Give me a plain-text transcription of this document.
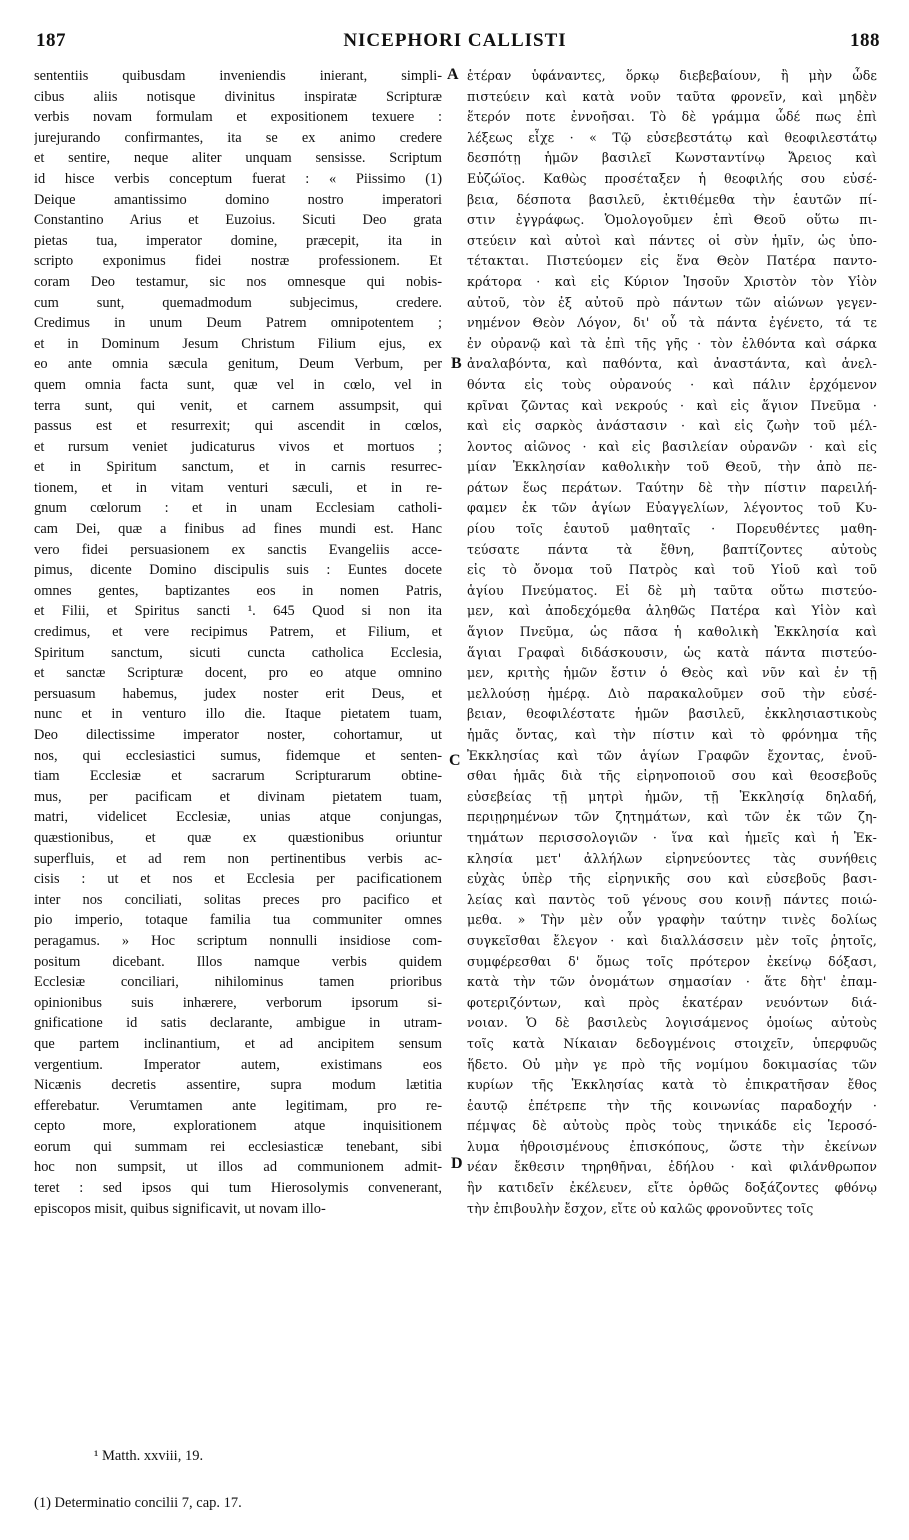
187	NICEPHORI CALLISTI	188
sententiis quibusdam inveniendis inierant, simpli-
cibus aliis notisque divinitus inspiratæ Scripturæ
verbis novam formulam et expositionem texuere :
jurejurando confirmantes, ita se ex animo credere
et sentire, neque aliter unquam sensisse. Scriptum
id hisce verbis conceptum fuerat : « Piissimo (1)
Deique amantissimo domino nostro imperatori
Constantino Arius et Euzoius. Sicuti Deo grata
pietas tua, imperator domine, præcepit, ita in
scripto exponimus fidei nostræ professionem. Et
coram Deo testamur, sic nos omnesque qui nobis-
cum sunt, quemadmodum subjecimus, credere.
Credimus in unum Deum Patrem omnipotentem ;
et in Dominum Jesum Christum Filium ejus, ex
eo ante omnia sæcula genitum, Deum Verbum, per
quem omnia facta sunt, quæ vel in cœlo, vel in
terra sunt, qui venit, et carnem assumpsit, qui
passus est et resurrexit; qui ascendit in cœlos,
et rursum veniet judicaturus vivos et mortuos ;
et in Spiritum sanctum, et in carnis resurrec-
tionem, et in vitam venturi sæculi, et in re-
gnum cœlorum : et in unam Ecclesiam catholi-
cam Dei, quæ a finibus ad fines mundi est. Hanc
vero fidei persuasionem ex sanctis Evangeliis acce-
pimus, dicente Domino discipulis suis : Euntes docete
omnes gentes, baptizantes eos in nomen Patris,
et Filii, et Spiritus sancti ¹. 645 Quod si non ita
credimus, et vere recipimus Patrem, et Filium, et
Spiritum sanctum, sicuti cuncta catholica Ecclesia,
et sanctæ Scripturæ docent, pro eo atque omnino
persuasum habemus, judex noster erit Deus, et
nunc et in venturo illo die. Itaque pietatem tuam,
Deo dilectissime imperator noster, cohortamur, ut
nos, qui ecclesiastici sumus, fidemque et senten-
tiam Ecclesiæ et sacrarum Scripturarum obtine-
mus, per pacificam et divinam pietatem tuam,
matri, videlicet Ecclesiæ, unias atque conjungas,
quæstionibus, et quæ ex quæstionibus oriuntur
superfluis, et ad rem non pertinentibus verbis ac-
cisis : ut et nos et Ecclesia per pacificationem
inter nos conciliati, solitas preces pro pacifico et
pio imperio, totaque familia tua communiter omnes
peragamus. » Hoc scriptum nonnulli insidiose com-
positum dicebant. Illos namque verbis quidem
Ecclesiæ conciliari, nihilominus tamen prioribus
opinionibus suis inhærere, verborum ipsorum si-
gnificatione id satis declarante, ambigue in utram-
que partem inclinantium, et ad ancipitem sensum
vergentium. Imperator autem, existimans eos
Nicænis decretis assentire, supra modum lætitia
efferebatur. Verumtamen ante legitimam, pro re-
cepto more, explorationem atque inquisitionem
eorum qui summam rei ecclesiasticæ tenebant, sibi
hoc non sumpsit, ut illos ad communionem admit-
teret : sed ipsos qui tum Hierosolymis convenerant,
episcopos misit, quibus significavit, ut novam illo-
ἑτέραν ὑφάναντες, ὅρκῳ διεβεβαίουν, ἢ μὴν ὧδε
πιστεύειν καὶ κατὰ νοῦν ταῦτα φρονεῖν, καὶ μηδὲν
ἕτερόν ποτε ἐννοῆσαι. Τὸ δὲ γράμμα ὧδέ πως ἐπὶ
λέξεως εἶχε · « Τῷ εὐσεβεστάτῳ καὶ θεοφιλεστάτῳ
δεσπότῃ ἡμῶν βασιλεῖ Κωνσταντίνῳ Ἄρειος καὶ
Εὐζώϊος. Καθὼς προσέταξεν ἡ θεοφιλής σου εὐσέ-
βεια, δέσποτα βασιλεῦ, ἐκτιθέμεθα τὴν ἑαυτῶν πί-
στιν ἐγγράφως. Ὁμολογοῦμεν ἐπὶ Θεοῦ οὕτω πι-
στεύειν καὶ αὐτοὶ καὶ πάντες οἱ σὺν ἡμῖν, ὡς ὑπο-
τέτακται. Πιστεύομεν εἰς ἕνα Θεὸν Πατέρα παντο-
κράτορα · καὶ εἰς Κύριον Ἰησοῦν Χριστὸν τὸν Υἱὸν
αὐτοῦ, τὸν ἐξ αὐτοῦ πρὸ πάντων τῶν αἰώνων γεγεν-
νημένον Θεὸν Λόγον, δι' οὗ τὰ πάντα ἐγένετο, τά τε
ἐν οὐρανῷ καὶ τὰ ἐπὶ τῆς γῆς · τὸν ἐλθόντα καὶ σάρκα
ἀναλαβόντα, καὶ παθόντα, καὶ ἀναστάντα, καὶ ἀνελ-
θόντα εἰς τοὺς οὐρανούς · καὶ πάλιν ἐρχόμενον
κρῖναι ζῶντας καὶ νεκρούς · καὶ εἰς ἅγιον Πνεῦμα ·
καὶ εἰς σαρκὸς ἀνάστασιν · καὶ εἰς ζωὴν τοῦ μέλ-
λοντος αἰῶνος · καὶ εἰς βασιλείαν οὐρανῶν · καὶ εἰς
μίαν Ἐκκλησίαν καθολικὴν τοῦ Θεοῦ, τὴν ἀπὸ πε-
ράτων ἕως περάτων. Ταύτην δὲ τὴν πίστιν παρειλή-
φαμεν ἐκ τῶν ἁγίων Εὐαγγελίων, λέγοντος τοῦ Κυ-
ρίου τοῖς ἑαυτοῦ μαθηταῖς · Πορευθέντες μαθη-
τεύσατε πάντα τὰ ἔθνη, βαπτίζοντες αὐτοὺς
εἰς τὸ ὄνομα τοῦ Πατρὸς καὶ τοῦ Υἱοῦ καὶ τοῦ
ἁγίου Πνεύματος. Εἰ δὲ μὴ ταῦτα οὕτω πιστεύο-
μεν, καὶ ἀποδεχόμεθα ἀληθῶς Πατέρα καὶ Υἱὸν καὶ
ἅγιον Πνεῦμα, ὡς πᾶσα ἡ καθολικὴ Ἐκκλησία καὶ
ἅγιαι Γραφαὶ διδάσκουσιν, ὡς κατὰ πάντα πιστεύο-
μεν, κριτὴς ἡμῶν ἔστιν ὁ Θεὸς καὶ νῦν καὶ ἐν τῇ
μελλούσῃ ἡμέρᾳ. Διὸ παρακαλοῦμεν σοῦ τὴν εὐσέ-
βειαν, θεοφιλέστατε ἡμῶν βασιλεῦ, ἐκκλησιαστικοὺς
ἡμᾶς ὄντας, καὶ τὴν πίστιν καὶ τὸ φρόνημα τῆς
Ἐκκλησίας καὶ τῶν ἁγίων Γραφῶν ἔχοντας, ἑνοῦ-
σθαι ἡμᾶς διὰ τῆς εἰρηνοποιοῦ σου καὶ θεοσεβοῦς
εὐσεβείας τῇ μητρὶ ἡμῶν, τῇ Ἐκκλησίᾳ δηλαδή,
περιῃρημένων τῶν ζητημάτων, καὶ τῶν ἐκ τῶν ζη-
τημάτων περισσολογιῶν · ἵνα καὶ ἡμεῖς καὶ ἡ Ἐκ-
κλησία μετ' ἀλλήλων εἰρηνεύοντες τὰς συνήθεις
εὐχὰς ὑπὲρ τῆς εἰρηνικῆς σου καὶ εὐσεβοῦς βασι-
λείας καὶ παντὸς τοῦ γένους σου κοινῇ πάντες ποιώ-
μεθα. » Τὴν μὲν οὖν γραφὴν ταύτην τινὲς δολίως
συγκεῖσθαι ἔλεγον · καὶ διαλλάσσειν μὲν τοῖς ῥητοῖς,
συμφέρεσθαι δ' ὅμως τοῖς πρότερον ἐκείνῳ δόξασι,
κατὰ τὴν τῶν ὀνομάτων σημασίαν · ἅτε δὴτ' ἐπαμ-
φοτεριζόντων, καὶ πρὸς ἑκατέραν νευόντων διά-
νοιαν. Ὁ δὲ βασιλεὺς λογισάμενος ὁμοίως αὐτοὺς
τοῖς κατὰ Νίκαιαν δεδογμένοις στοιχεῖν, ὑπερφυῶς
ἥδετο. Οὐ μὴν γε πρὸ τῆς νομίμου δοκιμασίας τῶν
κυρίων τῆς Ἐκκλησίας κατὰ τὸ ἐπικρατῆσαν ἔθος
ἑαυτῷ ἐπέτρεπε τὴν τῆς κοινωνίας παραδοχήν ·
πέμψας δὲ αὐτοὺς πρὸς τοὺς τηνικάδε εἰς Ἱεροσό-
λυμα ἠθροισμένους ἐπισκόπους, ὥστε τὴν ἐκείνων
νέαν ἔκθεσιν τηρηθῆναι, ἐδήλου · καὶ φιλάνθρωπον
ἣν κατιδεῖν ἐκέλευεν, εἴτε ὀρθῶς δοξάζοντες φθόνῳ
τὴν ἐπιβουλὴν ἔσχον, εἴτε οὐ καλῶς φρονοῦντες τοῖς
A
B
C
D
¹ Matth. xxviii, 19.
(1) Determinatio concilii 7, cap. 17.
